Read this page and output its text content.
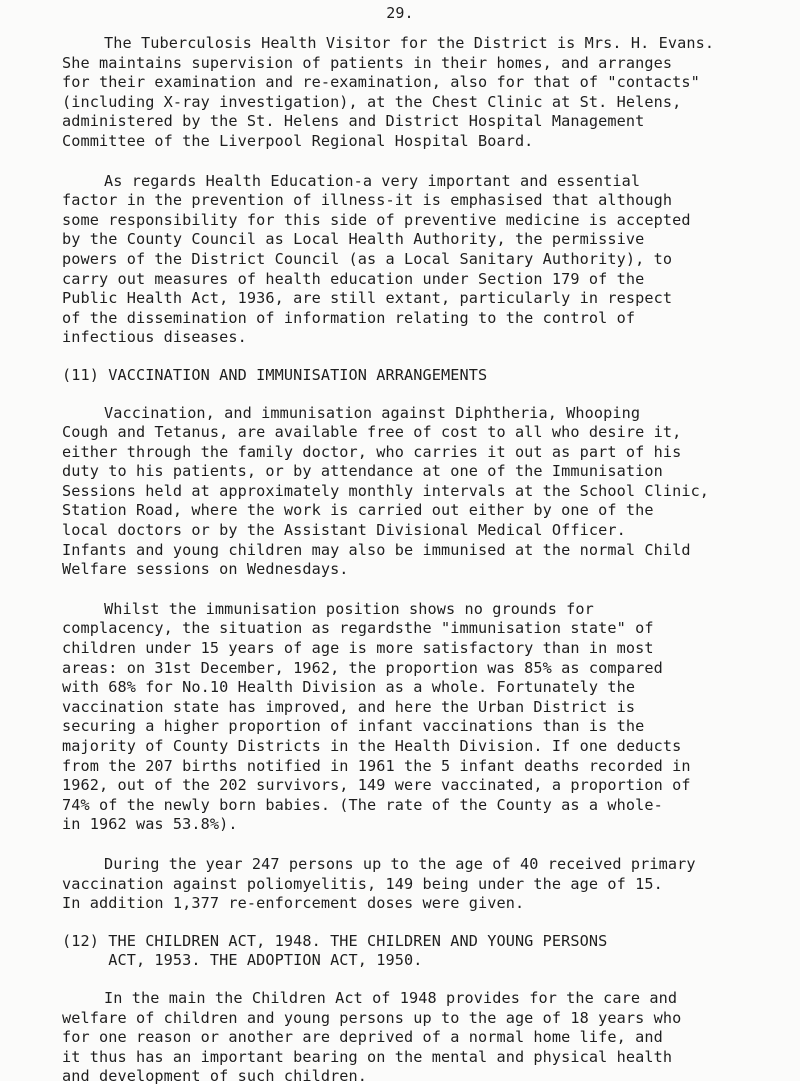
29.
The Tuberculosis Health Visitor for the District is Mrs. H. Evans.
She maintains supervision of patients in their homes, and arranges
for their examination and re-examination, also for that of "contacts"
(including X-ray investigation), at the Chest Clinic at St. Helens,
administered by the St. Helens and District Hospital Management
Committee of the Liverpool Regional Hospital Board.
As regards Health Education-a very important and essential
factor in the prevention of illness-it is emphasised that although
some responsibility for this side of preventive medicine is accepted
by the County Council as Local Health Authority, the permissive
powers of the District Council (as a Local Sanitary Authority), to
carry out measures of health education under Section 179 of the
Public Health Act, 1936, are still extant, particularly in respect
of the dissemination of information relating to the control of
infectious diseases.
(11) VACCINATION AND IMMUNISATION ARRANGEMENTS
Vaccination, and immunisation against Diphtheria, Whooping
Cough and Tetanus, are available free of cost to all who desire it,
either through the family doctor, who carries it out as part of his
duty to his patients, or by attendance at one of the Immunisation
Sessions held at approximately monthly intervals at the School Clinic,
Station Road, where the work is carried out either by one of the
local doctors or by the Assistant Divisional Medical Officer.
Infants and young children may also be immunised at the normal Child
Welfare sessions on Wednesdays.
Whilst the immunisation position shows no grounds for
complacency, the situation as regardsthe "immunisation state" of
children under 15 years of age is more satisfactory than in most
areas: on 31st December, 1962, the proportion was 85% as compared
with 68% for No.10 Health Division as a whole. Fortunately the
vaccination state has improved, and here the Urban District is
securing a higher proportion of infant vaccinations than is the
majority of County Districts in the Health Division. If one deducts
from the 207 births notified in 1961 the 5 infant deaths recorded in
1962, out of the 202 survivors, 149 were vaccinated, a proportion of
74% of the newly born babies. (The rate of the County as a whole-
in 1962 was 53.8%).
During the year 247 persons up to the age of 40 received primary
vaccination against poliomyelitis, 149 being under the age of 15.
In addition 1,377 re-enforcement doses were given.
(12) THE CHILDREN ACT, 1948. THE CHILDREN AND YOUNG PERSONS
ACT, 1953. THE ADOPTION ACT, 1950.
In the main the Children Act of 1948 provides for the care and
welfare of children and young persons up to the age of 18 years who
for one reason or another are deprived of a normal home life, and
it thus has an important bearing on the mental and physical health
and development of such children.
